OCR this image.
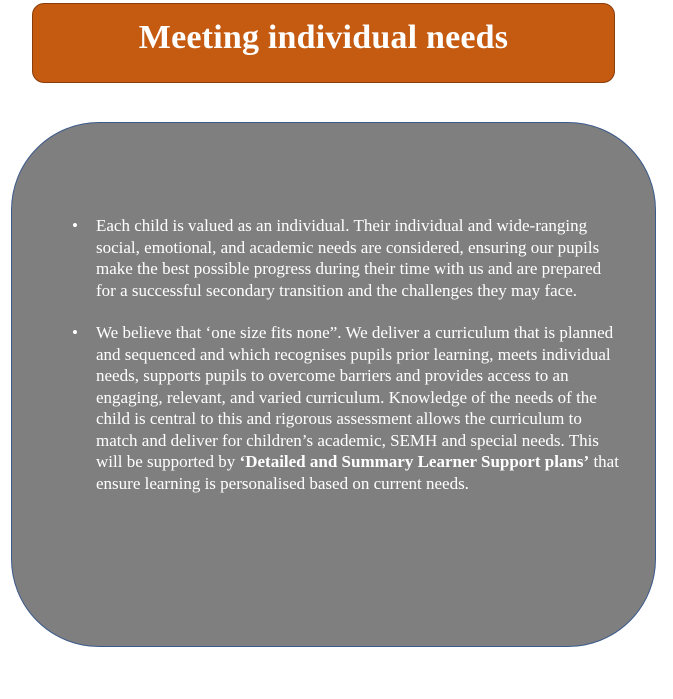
Meeting individual needs
• Each child is valued as an individual. Their individual and wide-ranging social, emotional, and academic needs are considered, ensuring our pupils make the best possible progress during their time with us and are prepared for a successful secondary transition and the challenges they may face.
• We believe that ‘one size fits none”. We deliver a curriculum that is planned and sequenced and which recognises pupils prior learning, meets individual needs, supports pupils to overcome barriers and provides access to an engaging, relevant, and varied curriculum. Knowledge of the needs of the child is central to this and rigorous assessment allows the curriculum to match and deliver for children’s academic, SEMH and special needs. This will be supported by ‘Detailed and Summary Learner Support plans’ that ensure learning is personalised based on current needs.
